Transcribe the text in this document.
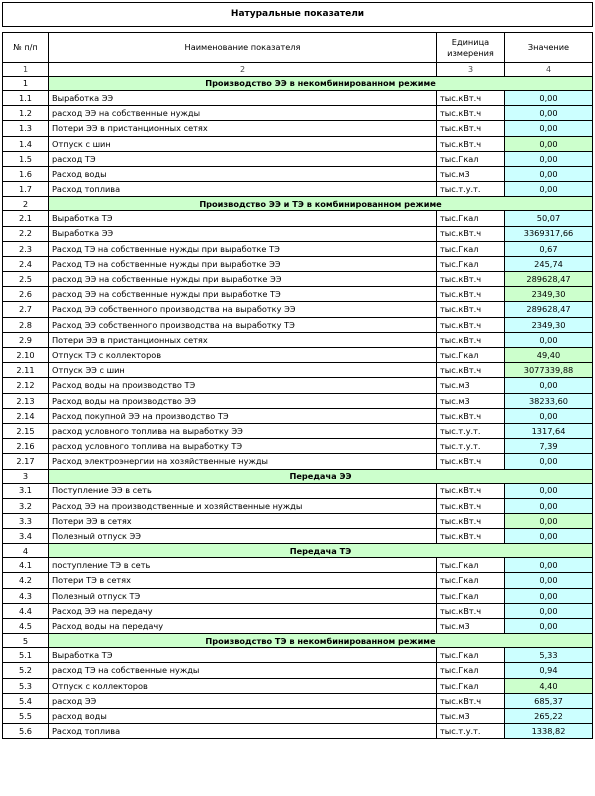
Натуральные показатели			

№ п/п	Наименование показателя	Единица измерения	Значение
1	2	3	4
1	Производство ЭЭ в некомбинированном режиме		
1.1	Выработка ЭЭ	тыс.кВт.ч	0,00
1.2	расход ЭЭ на собственные нужды	тыс.кВт.ч	0,00
1.3	Потери ЭЭ в пристанционных сетях	тыс.кВт.ч	0,00
1.4	Отпуск с шин	тыс.кВт.ч	0,00
1.5	расход ТЭ	тыс.Гкал	0,00
1.6	Расход воды	тыс.м3	0,00
1.7	Расход топлива	тыс.т.у.т.	0,00
2	Производство ЭЭ и ТЭ в комбинированном режиме		
2.1	Выработка ТЭ	тыс.Гкал	50,07
2.2	Выработка ЭЭ	тыс.кВт.ч	3369317,66
2.3	Расход ТЭ на собственные нужды при выработке ТЭ	тыс.Гкал	0,67
2.4	Расход ТЭ на собственные нужды при выработке ЭЭ	тыс.Гкал	245,74
2.5	расход ЭЭ на собственные нужды при выработке ЭЭ	тыс.кВт.ч	289628,47
2.6	расход ЭЭ на собственные нужды при выработке ТЭ	тыс.кВт.ч	2349,30
2.7	Расход ЭЭ собственного производства на выработку ЭЭ	тыс.кВт.ч	289628,47
2.8	Расход ЭЭ собственного производства на выработку ТЭ	тыс.кВт.ч	2349,30
2.9	Потери ЭЭ в пристанционных сетях	тыс.кВт.ч	0,00
2.10	Отпуск ТЭ с коллекторов	тыс.Гкал	49,40
2.11	Отпуск ЭЭ с шин	тыс.кВт.ч	3077339,88
2.12	Расход воды на производство ТЭ	тыс.м3	0,00
2.13	Расход воды на производство ЭЭ	тыс.м3	38233,60
2.14	Расход покупной ЭЭ на производство ТЭ	тыс.кВт.ч	0,00
2.15	расход условного топлива на выработку ЭЭ	тыс.т.у.т.	1317,64
2.16	расход условного топлива на выработку ТЭ	тыс.т.у.т.	7,39
2.17	Расход электроэнергии на хозяйственные нужды	тыс.кВт.ч	0,00
3	Передача ЭЭ		
3.1	Поступление ЭЭ в сеть	тыс.кВт.ч	0,00
3.2	Расход ЭЭ на производственные и хозяйственные нужды	тыс.кВт.ч	0,00
3.3	Потери ЭЭ в сетях	тыс.кВт.ч	0,00
3.4	Полезный отпуск ЭЭ	тыс.кВт.ч	0,00
4	Передача ТЭ		
4.1	поступление ТЭ в сеть	тыс.Гкал	0,00
4.2	Потери ТЭ в сетях	тыс.Гкал	0,00
4.3	Полезный отпуск ТЭ	тыс.Гкал	0,00
4.4	Расход ЭЭ на передачу	тыс.кВт.ч	0,00
4.5	Расход воды на передачу	тыс.м3	0,00
5	Производство ТЭ в некомбинированном режиме		
5.1	Выработка ТЭ	тыс.Гкал	5,33
5.2	расход ТЭ на собственные нужды	тыс.Гкал	0,94
5.3	Отпуск с коллекторов	тыс.Гкал	4,40
5.4	расход ЭЭ	тыс.кВт.ч	685,37
5.5	расход воды	тыс.м3	265,22
5.6	Расход топлива	тыс.т.у.т.	1338,82
